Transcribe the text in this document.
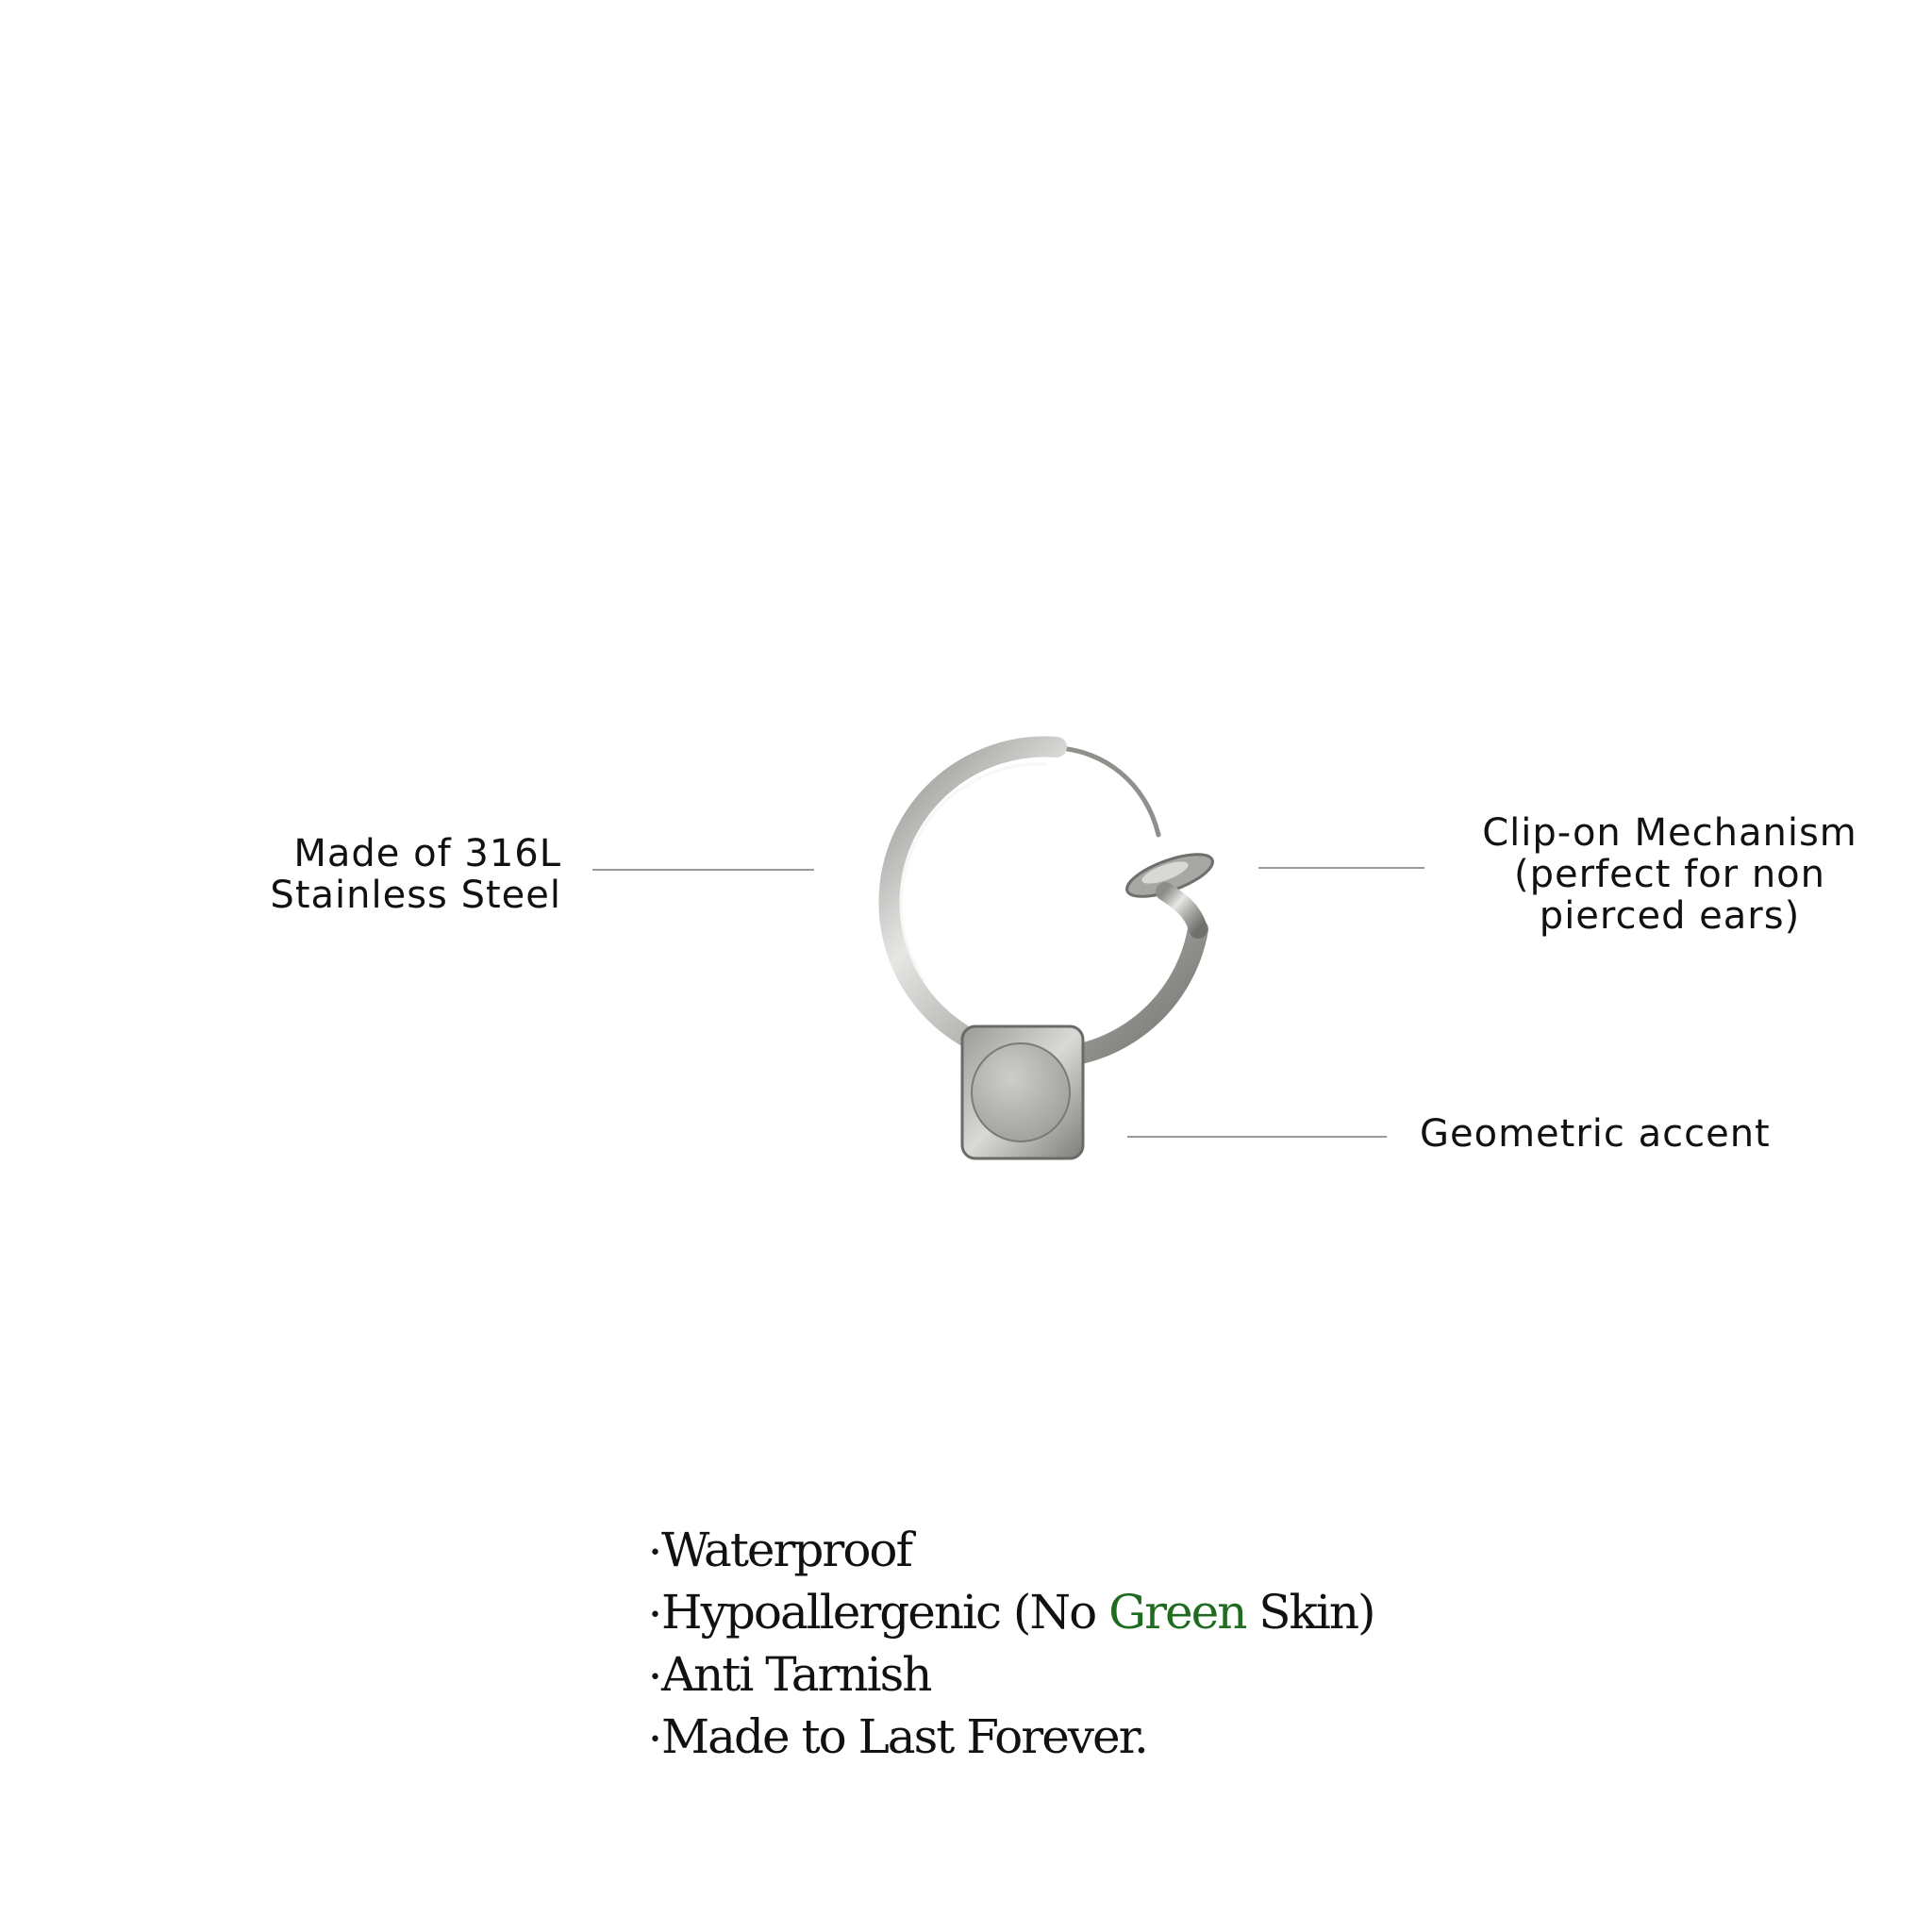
Made of 316L
Stainless Steel
Clip-on Mechanism
(perfect for non
pierced ears)
Geometric accent
•Waterproof
•Hypoallergenic (No Green Skin)
•Anti Tarnish
•Made to Last Forever.
